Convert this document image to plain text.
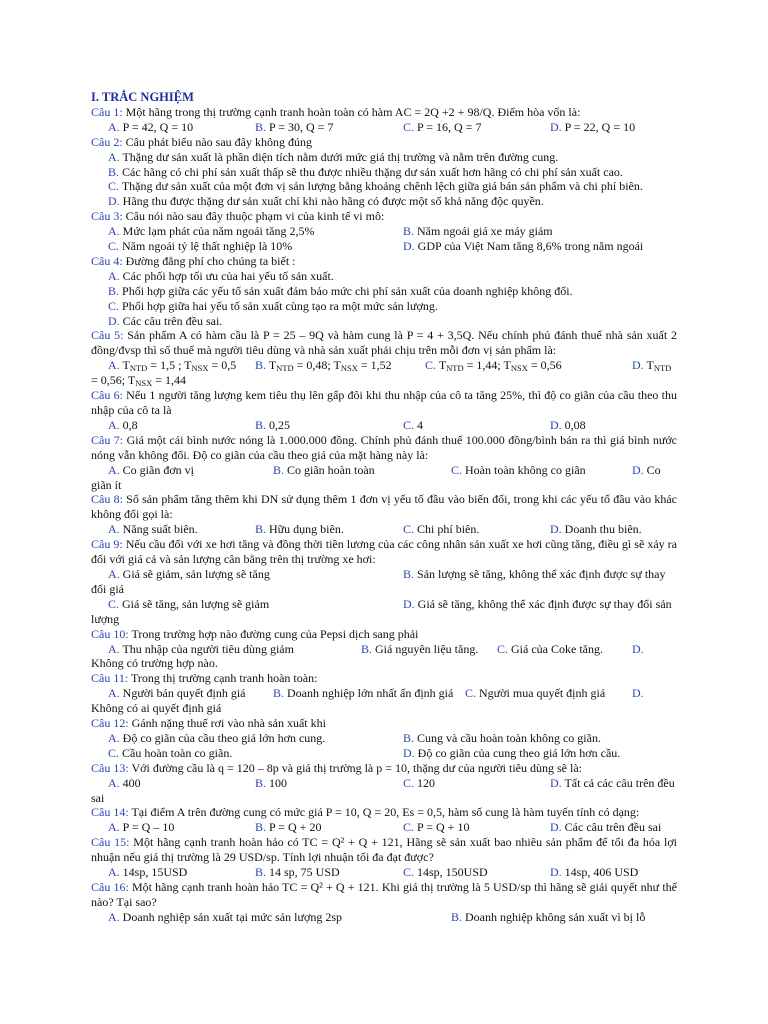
I. TRẮC NGHIỆM

Câu 1: Một hãng trong thị trường cạnh tranh hoàn toàn có hàm AC = 2Q +2 + 98/Q. Điểm hòa vốn là:

A. P = 42, Q = 10	B. P = 30, Q = 7	C. P = 16, Q = 7	D. P = 22, Q = 10

Câu 2: Câu phát biểu nào sau đây không đúng

A. Thặng dư sản xuất là phần diện tích nằm dưới mức giá thị trường và nằm trên đường cung.

B. Các hãng có chi phí sản xuất thấp sẽ thu được nhiều thặng dư sản xuất hơn hãng có chi phí sản xuất cao.

C. Thặng dư sản xuất của một đơn vị sản lượng bằng khoảng chênh lệch giữa giá bán sản phẩm và chi phí biên.

D. Hãng thu được thặng dư sản xuất chỉ khi nào hãng có được một số khả năng độc quyền.

Câu 3: Câu nói nào sau đây thuộc phạm vi của kinh tế vi mô:

A. Mức lạm phát của năm ngoái tăng 2,5%	B. Năm ngoái giá xe máy giảm

C. Năm ngoái tỷ lệ thất nghiệp là 10%	D. GDP của Việt Nam tăng 8,6% trong năm ngoái

Câu 4: Đường đẳng phí cho chúng ta biết :

A. Các phối hợp tối ưu của hai yếu tố sản xuất.

B. Phối hợp giữa các yếu tố sản xuất đảm bảo mức chi phí sản xuất của doanh nghiệp không đổi.

C. Phối hợp giữa hai yếu tố sản xuất cùng tạo ra một mức sản lượng.

D. Các câu trên đều sai.

Câu 5: Sản phẩm A có hàm cầu là P = 25 – 9Q và hàm cung là P = 4 + 3,5Q. Nếu chính phủ đánh thuế nhà sản xuất 2 đồng/đvsp thì số thuế mà người tiêu dùng và nhà sản xuất phải chịu trên mỗi đơn vị sản phẩm là:

A. $T_{NTD} = 1,5$ ; $T_{NSX} = 0,5$ B. $T_{NTD} = 0,48$; $T_{NSX} = 1,52$	C. $T_{NTD} = 1,44$; $T_{NSX} = 0,56$	D. $T_{NTD} = 0,56$; $T_{NSX} = 1,44$

Câu 6: Nếu 1 người tăng lượng kem tiêu thụ lên gấp đôi khi thu nhập của cô ta tăng 25%, thì độ co giãn của cầu theo thu nhập của cô ta là

A. 0,8	B. 0,25	C. 4	D. 0,08

Câu 7: Giá một cái bình nước nóng là 1.000.000 đồng. Chính phủ đánh thuế 100.000 đồng/bình bán ra thì giá bình nước nóng vẫn không đổi. Độ co giãn của cầu theo giá của mặt hàng này là:

A. Co giãn đơn vị	B. Co giãn hoàn toàn	C. Hoàn toàn không co giãn	D. Co giãn ít

Câu 8: Số sản phẩm tăng thêm khi DN sử dụng thêm 1 đơn vị yếu tố đầu vào biến đổi, trong khi các yếu tố đầu vào khác không đổi gọi là:

A. Năng suất biên.	B. Hữu dụng biên.	C. Chi phí biên.	D. Doanh thu biên.

Câu 9: Nếu cầu đối với xe hơi tăng và đồng thời tiền lương của các công nhân sản xuất xe hơi cũng tăng, điều gì sẽ xảy ra đối với giá cả và sản lượng cân bằng trên thị trường xe hơi:

A. Giá sẽ giảm, sản lượng sẽ tăng	B. Sản lượng sẽ tăng, không thể xác định được sự thay đổi giá

C. Giá sẽ tăng, sản lượng sẽ giảm	D. Giá sẽ tăng, không thể xác định được sự thay đổi sản lượng

Câu 10: Trong trường hợp nào đường cung của Pepsi dịch sang phải

A. Thu nhập của người tiêu dùng giảm	B. Giá nguyên liệu tăng. C. Giá của Coke tăng. D. Không có trường hợp nào.

Câu 11: Trong thị trường cạnh tranh hoàn toàn:

A. Người bán quyết định giá B. Doanh nghiệp lớn nhất ấn định giá C. Người mua quyết định giá D. Không có ai quyết định giá

Câu 12: Gánh nặng thuế rơi vào nhà sản xuất khi

A. Độ co giãn của cầu theo giá lớn hơn cung.	B. Cung và cầu hoàn toàn không co giãn.

C. Cầu hoàn toàn co giãn.	D. Độ co giãn của cung theo giá lớn hơn cầu.

Câu 13: Với đường cầu là q = 120 – 8p và giá thị trường là p = 10, thặng dư của người tiêu dùng sẽ là:

A. 400	B. 100	C. 120	D. Tất cả các câu trên đều sai

Câu 14: Tại điểm A trên đường cung có mức giá P = 10, Q = 20, Es = 0,5, hàm số cung là hàm tuyến tính có dạng:

A. P = Q – 10	B. P = Q + 20	C. P = Q + 10	D. Các câu trên đều sai

Câu 15: Một hãng cạnh tranh hoàn hảo có TC = Q² + Q + 121, Hãng sẽ sản xuất bao nhiêu sản phẩm để tối đa hóa lợi nhuận nếu giá thị trường là 29 USD/sp. Tính lợi nhuận tối đa đạt được?

A. 14sp, 15USD	B. 14 sp, 75 USD	C. 14sp, 150USD	D. 14sp, 406 USD

Câu 16: Một hãng cạnh tranh hoàn hảo TC = Q² + Q + 121. Khi giá thị trường là 5 USD/sp thì hãng sẽ giải quyết như thế nào? Tại sao?

A. Doanh nghiệp sản xuất tại mức sản lượng 2sp	B. Doanh nghiệp không sản xuất vì bị lỗ
